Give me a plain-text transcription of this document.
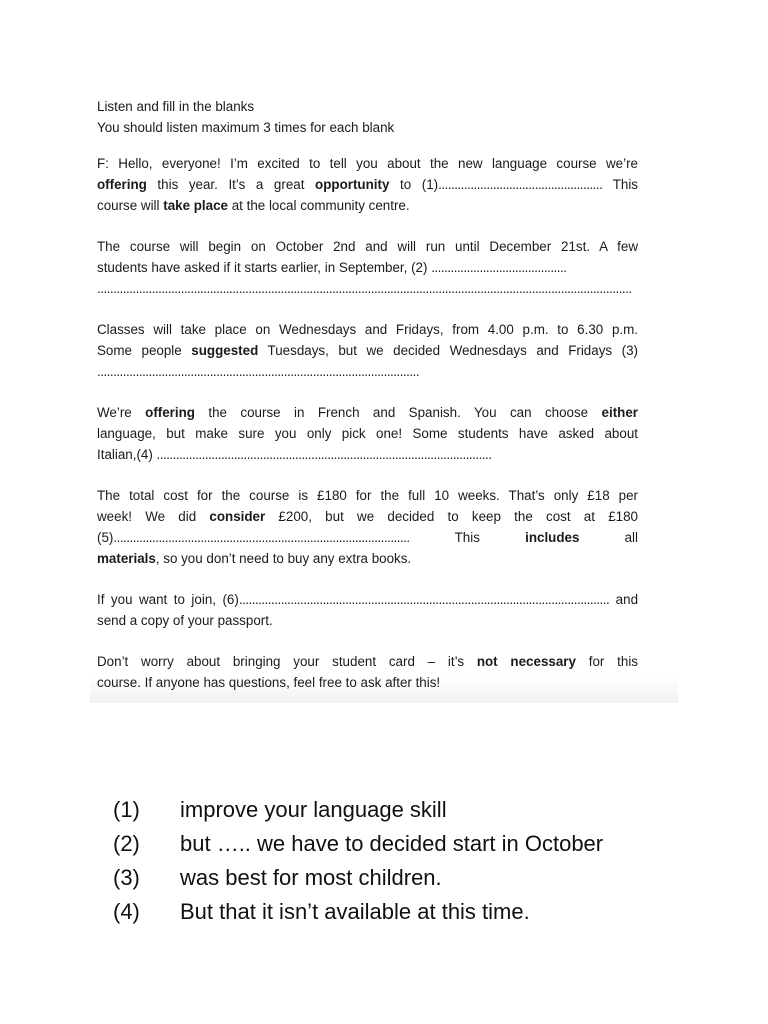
Listen and fill in the blanks

You should listen maximum 3 times for each blank

F: Hello, everyone! I’m excited to tell you about the new language course we’re

offering this year. It’s a great opportunity to (1)................................................... This

course will take place at the local community centre.

The course will begin on October 2nd and will run until December 21st. A few

students have asked if it starts earlier, in September, (2) ..........................................

......................................................................................................................................................................

Classes will take place on Wednesdays and Fridays, from 4.00 p.m. to 6.30 p.m.

Some people suggested Tuesdays, but we decided Wednesdays and Fridays (3)

....................................................................................................

We’re offering the course in French and Spanish. You can choose either

language, but make sure you only pick one! Some students have asked about

Italian,(4) ........................................................................................................

The total cost for the course is £180 for the full 10 weeks. That’s only £18 per

week! We did consider £200, but we decided to keep the cost at £180

(5)............................................................................................ This includes all

materials, so you don’t need to buy any extra books.

If you want to join, (6)................................................................................................................... and

send a copy of your passport.

Don’t worry about bringing your student card – it’s not necessary for this

course. If anyone has questions, feel free to ask after this!

(1)	improve your language skill
(2)	but ….. we have to decided start in October
(3)	was best for most children.
(4)	But that it isn’t available at this time.
